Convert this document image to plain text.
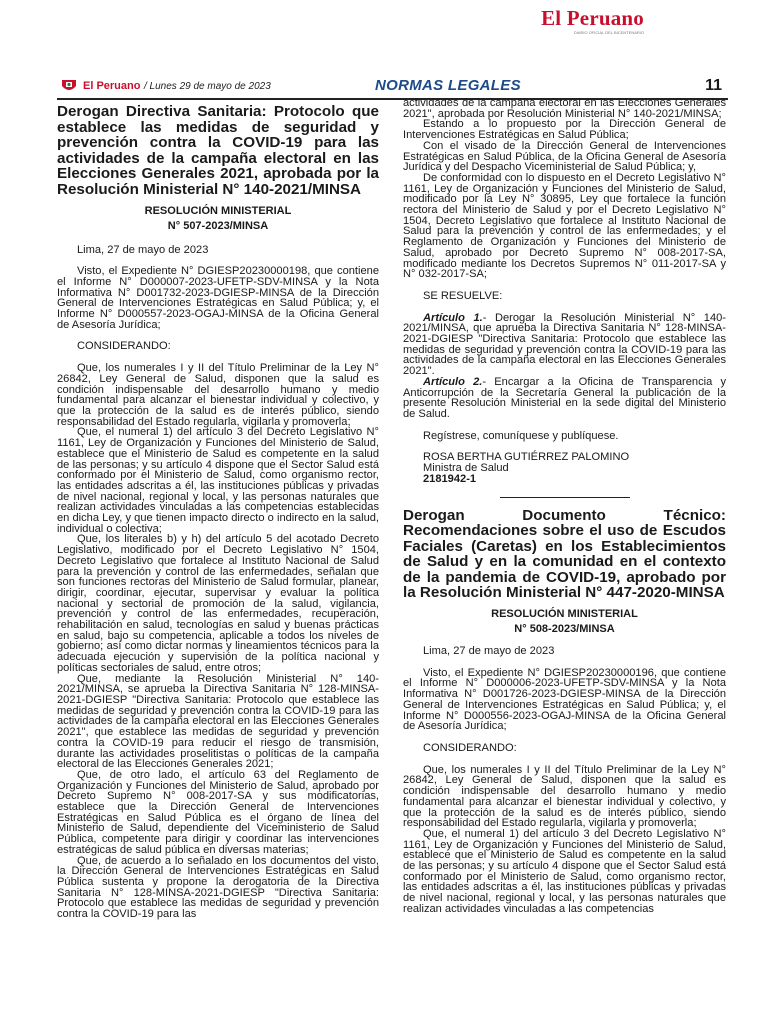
El Peruano
DIARIO OFICIAL DEL BICENTENARIO
El Peruano / Lunes 29 de mayo de 2023	NORMAS LEGALES	11
Derogan Directiva Sanitaria: Protocolo que establece las medidas de seguridad y prevención contra la COVID-19 para las actividades de la campaña electoral en las Elecciones Generales 2021, aprobada por la Resolución Ministerial N° 140-2021/MINSA
RESOLUCIÓN MINISTERIAL
N° 507-2023/MINSA

Lima, 27 de mayo de 2023

Visto, el Expediente N° DGIESP20230000198, que contiene el Informe N° D000007-2023-UFETP-SDV-MINSA y la Nota Informativa N° D001732-2023-DGIESP-MINSA de la Dirección General de Intervenciones Estratégicas en Salud Pública; y, el Informe N° D000557-2023-OGAJ-MINSA de la Oficina General de Asesoría Jurídica;

CONSIDERANDO:

Que, los numerales I y II del Título Preliminar de la Ley N° 26842, Ley General de Salud, disponen que la salud es condición indispensable del desarrollo humano y medio fundamental para alcanzar el bienestar individual y colectivo, y que la protección de la salud es de interés público, siendo responsabilidad del Estado regularla, vigilarla y promoverla;

Que, el numeral 1) del artículo 3 del Decreto Legislativo N° 1161, Ley de Organización y Funciones del Ministerio de Salud, establece que el Ministerio de Salud es competente en la salud de las personas; y su artículo 4 dispone que el Sector Salud está conformado por el Ministerio de Salud, como organismo rector, las entidades adscritas a él, las instituciones públicas y privadas de nivel nacional, regional y local, y las personas naturales que realizan actividades vinculadas a las competencias establecidas en dicha Ley, y que tienen impacto directo o indirecto en la salud, individual o colectiva;

Que, los literales b) y h) del artículo 5 del acotado Decreto Legislativo, modificado por el Decreto Legislativo N° 1504, Decreto Legislativo que fortalece al Instituto Nacional de Salud para la prevención y control de las enfermedades, señalan que son funciones rectoras del Ministerio de Salud formular, planear, dirigir, coordinar, ejecutar, supervisar y evaluar la política nacional y sectorial de promoción de la salud, vigilancia, prevención y control de las enfermedades, recuperación, rehabilitación en salud, tecnologías en salud y buenas prácticas en salud, bajo su competencia, aplicable a todos los niveles de gobierno; así como dictar normas y lineamientos técnicos para la adecuada ejecución y supervisión de la política nacional y políticas sectoriales de salud, entre otros;

Que, mediante la Resolución Ministerial N° 140-2021/MINSA, se aprueba la Directiva Sanitaria N° 128-MINSA-2021-DGIESP "Directiva Sanitaria: Protocolo que establece las medidas de seguridad y prevención contra la COVID-19 para las actividades de la campaña electoral en las Elecciones Generales 2021", que establece las medidas de seguridad y prevención contra la COVID-19 para reducir el riesgo de transmisión, durante las actividades proselitistas o políticas de la campaña electoral de las Elecciones Generales 2021;

Que, de otro lado, el artículo 63 del Reglamento de Organización y Funciones del Ministerio de Salud, aprobado por Decreto Supremo N° 008-2017-SA y sus modificatorias, establece que la Dirección General de Intervenciones Estratégicas en Salud Pública es el órgano de línea del Ministerio de Salud, dependiente del Viceministerio de Salud Pública, competente para dirigir y coordinar las intervenciones estratégicas de salud pública en diversas materias;

Que, de acuerdo a lo señalado en los documentos del visto, la Dirección General de Intervenciones Estratégicas en Salud Pública sustenta y propone la derogatoria de la Directiva Sanitaria N° 128-MINSA-2021-DGIESP "Directiva Sanitaria: Protocolo que establece las medidas de seguridad y prevención contra la COVID-19 para las

actividades de la campaña electoral en las Elecciones Generales 2021", aprobada por Resolución Ministerial N° 140-2021/MINSA;

Estando a lo propuesto por la Dirección General de Intervenciones Estratégicas en Salud Pública;

Con el visado de la Dirección General de Intervenciones Estratégicas en Salud Pública, de la Oficina General de Asesoría Jurídica y del Despacho Viceministerial de Salud Pública; y,

De conformidad con lo dispuesto en el Decreto Legislativo N° 1161, Ley de Organización y Funciones del Ministerio de Salud, modificado por la Ley N° 30895, Ley que fortalece la función rectora del Ministerio de Salud y por el Decreto Legislativo N° 1504, Decreto Legislativo que fortalece al Instituto Nacional de Salud para la prevención y control de las enfermedades; y el Reglamento de Organización y Funciones del Ministerio de Salud, aprobado por Decreto Supremo N° 008-2017-SA, modificado mediante los Decretos Supremos N° 011-2017-SA y N° 032-2017-SA;

SE RESUELVE:

Artículo 1.- Derogar la Resolución Ministerial N° 140-2021/MINSA, que aprueba la Directiva Sanitaria N° 128-MINSA-2021-DGIESP "Directiva Sanitaria: Protocolo que establece las medidas de seguridad y prevención contra la COVID-19 para las actividades de la campaña electoral en las Elecciones Generales 2021".

Artículo 2.- Encargar a la Oficina de Transparencia y Anticorrupción de la Secretaría General la publicación de la presente Resolución Ministerial en la sede digital del Ministerio de Salud.

Regístrese, comuníquese y publíquese.

ROSA BERTHA GUTIÉRREZ PALOMINO

Ministra de Salud

2181942-1

Derogan Documento Técnico: Recomendaciones sobre el uso de Escudos Faciales (Caretas) en los Establecimientos de Salud y en la comunidad en el contexto de la pandemia de COVID-19, aprobado por la Resolución Ministerial N° 447-2020-MINSA
RESOLUCIÓN MINISTERIAL
N° 508-2023/MINSA

Lima, 27 de mayo de 2023

Visto, el Expediente N° DGIESP20230000196, que contiene el Informe N° D000006-2023-UFETP-SDV-MINSA y la Nota Informativa N° D001726-2023-DGIESP-MINSA de la Dirección General de Intervenciones Estratégicas en Salud Pública; y, el Informe N° D000556-2023-OGAJ-MINSA de la Oficina General de Asesoría Jurídica;

CONSIDERANDO:

Que, los numerales I y II del Título Preliminar de la Ley N° 26842, Ley General de Salud, disponen que la salud es condición indispensable del desarrollo humano y medio fundamental para alcanzar el bienestar individual y colectivo, y que la protección de la salud es de interés público, siendo responsabilidad del Estado regularla, vigilarla y promoverla;

Que, el numeral 1) del artículo 3 del Decreto Legislativo N° 1161, Ley de Organización y Funciones del Ministerio de Salud, establece que el Ministerio de Salud es competente en la salud de las personas; y su artículo 4 dispone que el Sector Salud está conformado por el Ministerio de Salud, como organismo rector, las entidades adscritas a él, las instituciones públicas y privadas de nivel nacional, regional y local, y las personas naturales que realizan actividades vinculadas a las competencias
